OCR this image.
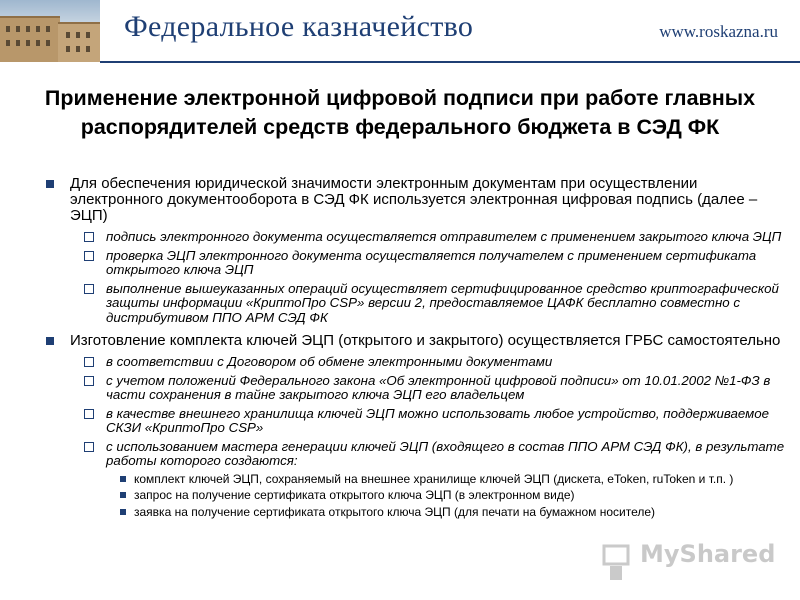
Федеральное казначейство	www.roskazna.ru
Применение электронной цифровой подписи при работе главных распорядителей средств федерального бюджета в СЭД ФК
Для обеспечения юридической значимости электронным документам при осуществлении электронного документооборота в СЭД ФК используется электронная цифровая подпись (далее – ЭЦП)
подпись электронного документа осуществляется отправителем с применением закрытого ключа ЭЦП
проверка ЭЦП электронного документа осуществляется получателем с применением сертификата открытого ключа ЭЦП
выполнение вышеуказанных операций осуществляет сертифицированное средство криптографической защиты информации «КриптоПро CSP» версии 2, предоставляемое ЦАФК бесплатно совместно с дистрибутивом ППО АРМ СЭД ФК
Изготовление комплекта ключей ЭЦП (открытого и закрытого) осуществляется ГРБС самостоятельно
в соответствии с Договором об обмене электронными документами
с учетом положений Федерального закона «Об электронной цифровой подписи» от 10.01.2002 №1-ФЗ в части сохранения в тайне закрытого ключа ЭЦП его владельцем
в качестве внешнего хранилища ключей ЭЦП можно использовать любое устройство, поддерживаемое СКЗИ «КриптоПро CSP»
с использованием мастера генерации ключей ЭЦП (входящего в состав ППО АРМ СЭД ФК), в результате работы которого создаются:
комплект ключей ЭЦП, сохраняемый на внешнее хранилище ключей ЭЦП (дискета, eToken, ruToken и т.п. )
запрос на получение сертификата открытого ключа ЭЦП (в электронном виде)
заявка на получение сертификата открытого ключа ЭЦП (для печати на бумажном носителе)
MyShared
